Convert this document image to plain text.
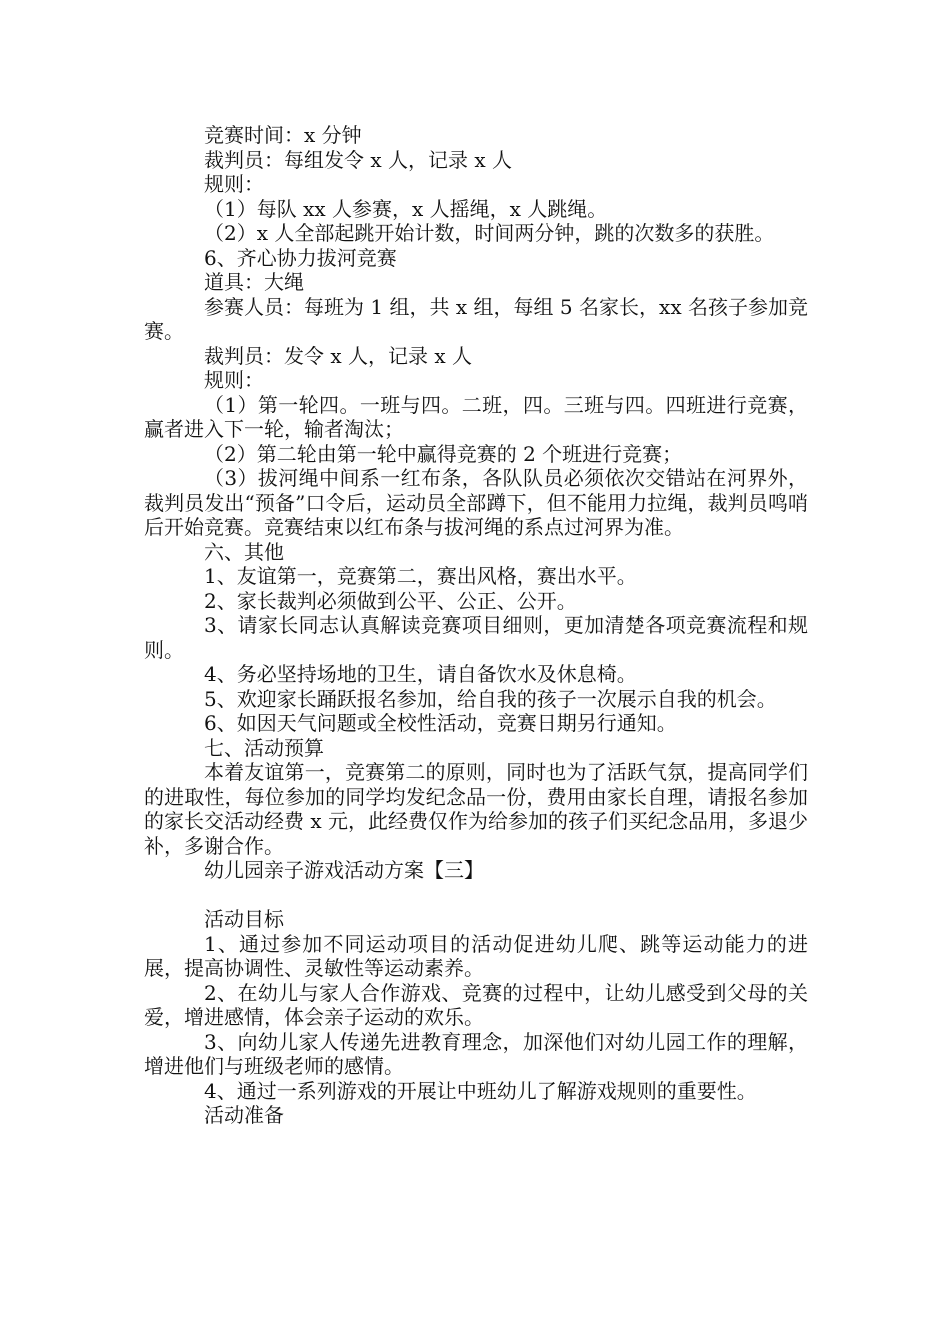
竞赛时间：x 分钟

裁判员：每组发令 x 人，记录 x 人

规则：

（1）每队 xx 人参赛，x 人摇绳，x 人跳绳。

（2）x 人全部起跳开始计数，时间两分钟，跳的次数多的获胜。

6、齐心协力拔河竞赛

道具：大绳

参赛人员：每班为 1 组，共 x 组，每组 5 名家长，xx 名孩子参加竞赛。

裁判员：发令 x 人，记录 x 人

规则：

（1）第一轮四。一班与四。二班，四。三班与四。四班进行竞赛，赢者进入下一轮，输者淘汰；

（2）第二轮由第一轮中赢得竞赛的 2 个班进行竞赛；

（3）拔河绳中间系一红布条，各队队员必须依次交错站在河界外，裁判员发出“预备”口令后，运动员全部蹲下，但不能用力拉绳，裁判员鸣哨后开始竞赛。竞赛结束以红布条与拔河绳的系点过河界为准。

六、其他

1、友谊第一，竞赛第二，赛出风格，赛出水平。

2、家长裁判必须做到公平、公正、公开。

3、请家长同志认真解读竞赛项目细则，更加清楚各项竞赛流程和规则。

4、务必坚持场地的卫生，请自备饮水及休息椅。

5、欢迎家长踊跃报名参加，给自我的孩子一次展示自我的机会。

6、如因天气问题或全校性活动，竞赛日期另行通知。

七、活动预算

本着友谊第一，竞赛第二的原则，同时也为了活跃气氛，提高同学们的进取性，每位参加的同学均发纪念品一份，费用由家长自理，请报名参加的家长交活动经费 x 元，此经费仅作为给参加的孩子们买纪念品用，多退少补，多谢合作。

幼儿园亲子游戏活动方案【三】

活动目标

1、通过参加不同运动项目的活动促进幼儿爬、跳等运动能力的进展，提高协调性、灵敏性等运动素养。

2、在幼儿与家人合作游戏、竞赛的过程中，让幼儿感受到父母的关爱，增进感情，体会亲子运动的欢乐。

3、向幼儿家人传递先进教育理念，加深他们对幼儿园工作的理解，增进他们与班级老师的感情。

4、通过一系列游戏的开展让中班幼儿了解游戏规则的重要性。

活动准备
